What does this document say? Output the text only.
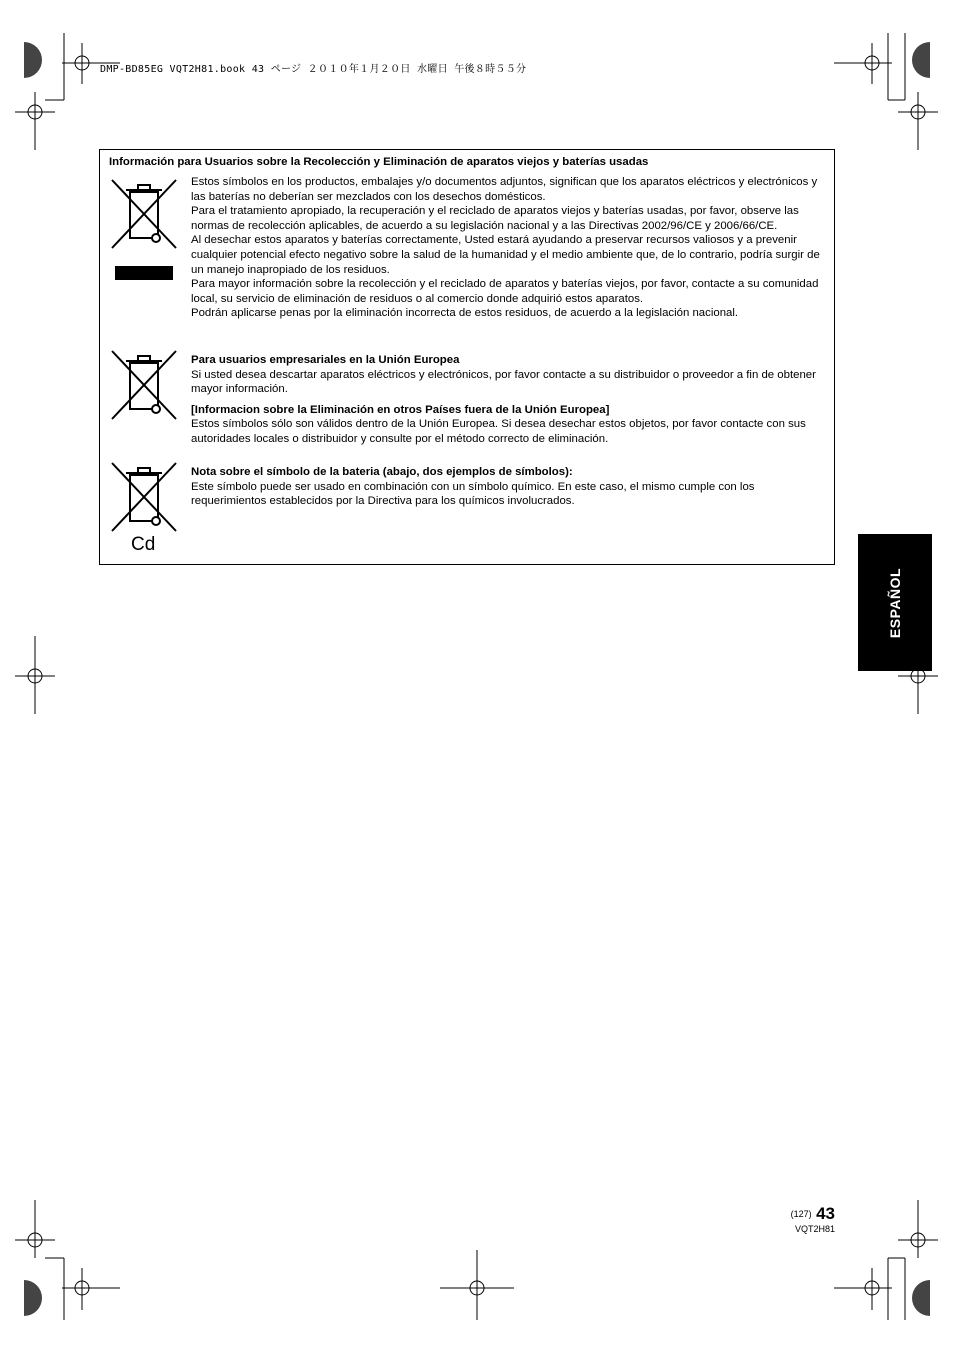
DMP-BD85EG VQT2H81.book 43 ページ ２０１０年１月２０日 水曜日 午後８時５５分
Información para Usuarios sobre la Recolección y Eliminación de aparatos viejos y baterías usadas

Estos símbolos en los productos, embalajes y/o documentos adjuntos, significan que los aparatos eléctricos y electrónicos y las baterías no deberían ser mezclados con los desechos domésticos.

Para el tratamiento apropiado, la recuperación y el reciclado de aparatos viejos y baterías usadas, por favor, observe las normas de recolección aplicables, de acuerdo a su legislación nacional y a las Directivas 2002/96/CE y 2006/66/CE.

Al desechar estos aparatos y baterías correctamente, Usted estará ayudando a preservar recursos valiosos y a prevenir cualquier potencial efecto negativo sobre la salud de la humanidad y el medio ambiente que, de lo contrario, podría surgir de un manejo inapropiado de los residuos.

Para mayor información sobre la recolección y el reciclado de aparatos y baterías viejos, por favor, contacte a su comunidad local, su servicio de eliminación de residuos o al comercio donde adquirió estos aparatos.

Podrán aplicarse penas por la eliminación incorrecta de estos residuos, de acuerdo a la legislación nacional.

Para usuarios empresariales en la Unión Europea

Si usted desea descartar aparatos eléctricos y electrónicos, por favor contacte a su distribuidor o proveedor a fin de obtener mayor información.

[Informacion sobre la Eliminación en otros Países fuera de la Unión Europea]

Estos símbolos sólo son válidos dentro de la Unión Europea. Si desea desechar estos objetos, por favor contacte con sus autoridades locales o distribuidor y consulte por el método correcto de eliminación.

Cd

Nota sobre el símbolo de la bateria (abajo, dos ejemplos de símbolos):

Este símbolo puede ser usado en combinación con un símbolo químico. En este caso, el mismo cumple con los requerimientos establecidos por la Directiva para los químicos involucrados.

ESPAÑOL
(127) 43
VQT2H81
